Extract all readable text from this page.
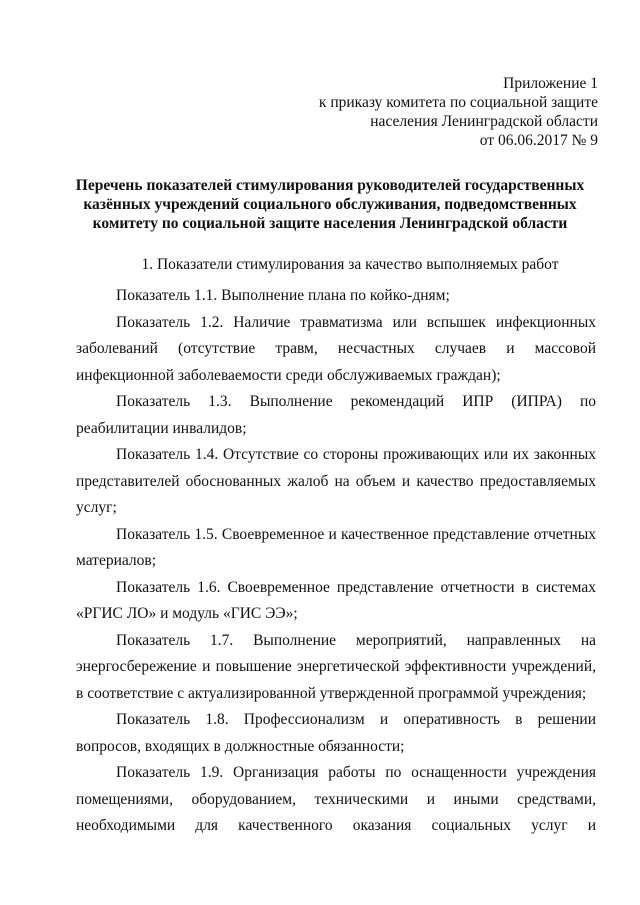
Приложение 1
к приказу комитета по социальной защите
населения Ленинградской области
от 06.06.2017 № 9
Перечень показателей стимулирования руководителей государственных казённых учреждений социального обслуживания, подведомственных комитету по социальной защите населения Ленинградской области
1. Показатели стимулирования за качество выполняемых работ

Показатель 1.1. Выполнение плана по койко-дням;

Показатель 1.2. Наличие травматизма или вспышек инфекционных заболеваний (отсутствие травм, несчастных случаев и массовой инфекционной заболеваемости среди обслуживаемых граждан);

Показатель 1.3. Выполнение рекомендаций ИПР (ИПРА) по реабилитации инвалидов;

Показатель 1.4. Отсутствие со стороны проживающих или их законных представителей обоснованных жалоб на объем и качество предоставляемых услуг;

Показатель 1.5. Своевременное и качественное представление отчетных материалов;

Показатель 1.6. Своевременное представление отчетности в системах «РГИС ЛО» и модуль «ГИС ЭЭ»;

Показатель 1.7. Выполнение мероприятий, направленных на энергосбережение и повышение энергетической эффективности учреждений, в соответствие с актуализированной утвержденной программой учреждения;

Показатель 1.8. Профессионализм и оперативность в решении вопросов, входящих в должностные обязанности;

Показатель 1.9. Организация работы по оснащенности учреждения помещениями, оборудованием, техническими и иными средствами, необходимыми для качественного оказания социальных услуг и
